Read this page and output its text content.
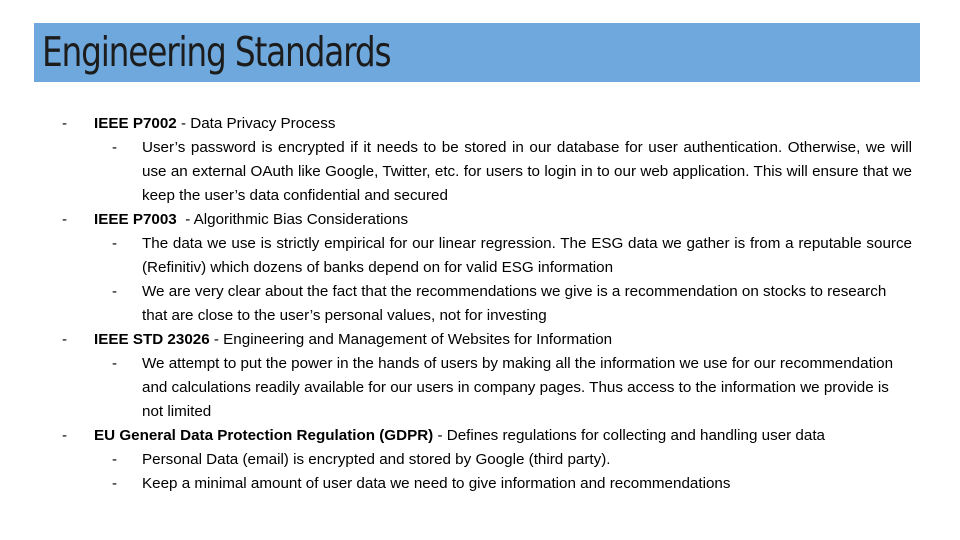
Engineering Standards
- IEEE P7002 - Data Privacy Process
- User’s password is encrypted if it needs to be stored in our database for user authentication. Otherwise, we will use an external OAuth like Google, Twitter, etc. for users to login in to our web application. This will ensure that we keep the user’s data confidential and secured
- IEEE P7003  - Algorithmic Bias Considerations
- The data we use is strictly empirical for our linear regression. The ESG data we gather is from a reputable source (Refinitiv) which dozens of banks depend on for valid ESG information
- We are very clear about the fact that the recommendations we give is a recommendation on stocks to research that are close to the user’s personal values, not for investing
- IEEE STD 23026 - Engineering and Management of Websites for Information
- We attempt to put the power in the hands of users by making all the information we use for our recommendation and calculations readily available for our users in company pages. Thus access to the information we provide is not limited
- EU General Data Protection Regulation (GDPR) - Defines regulations for collecting and handling user data
- Personal Data (email) is encrypted and stored by Google (third party).
- Keep a minimal amount of user data we need to give information and recommendations
